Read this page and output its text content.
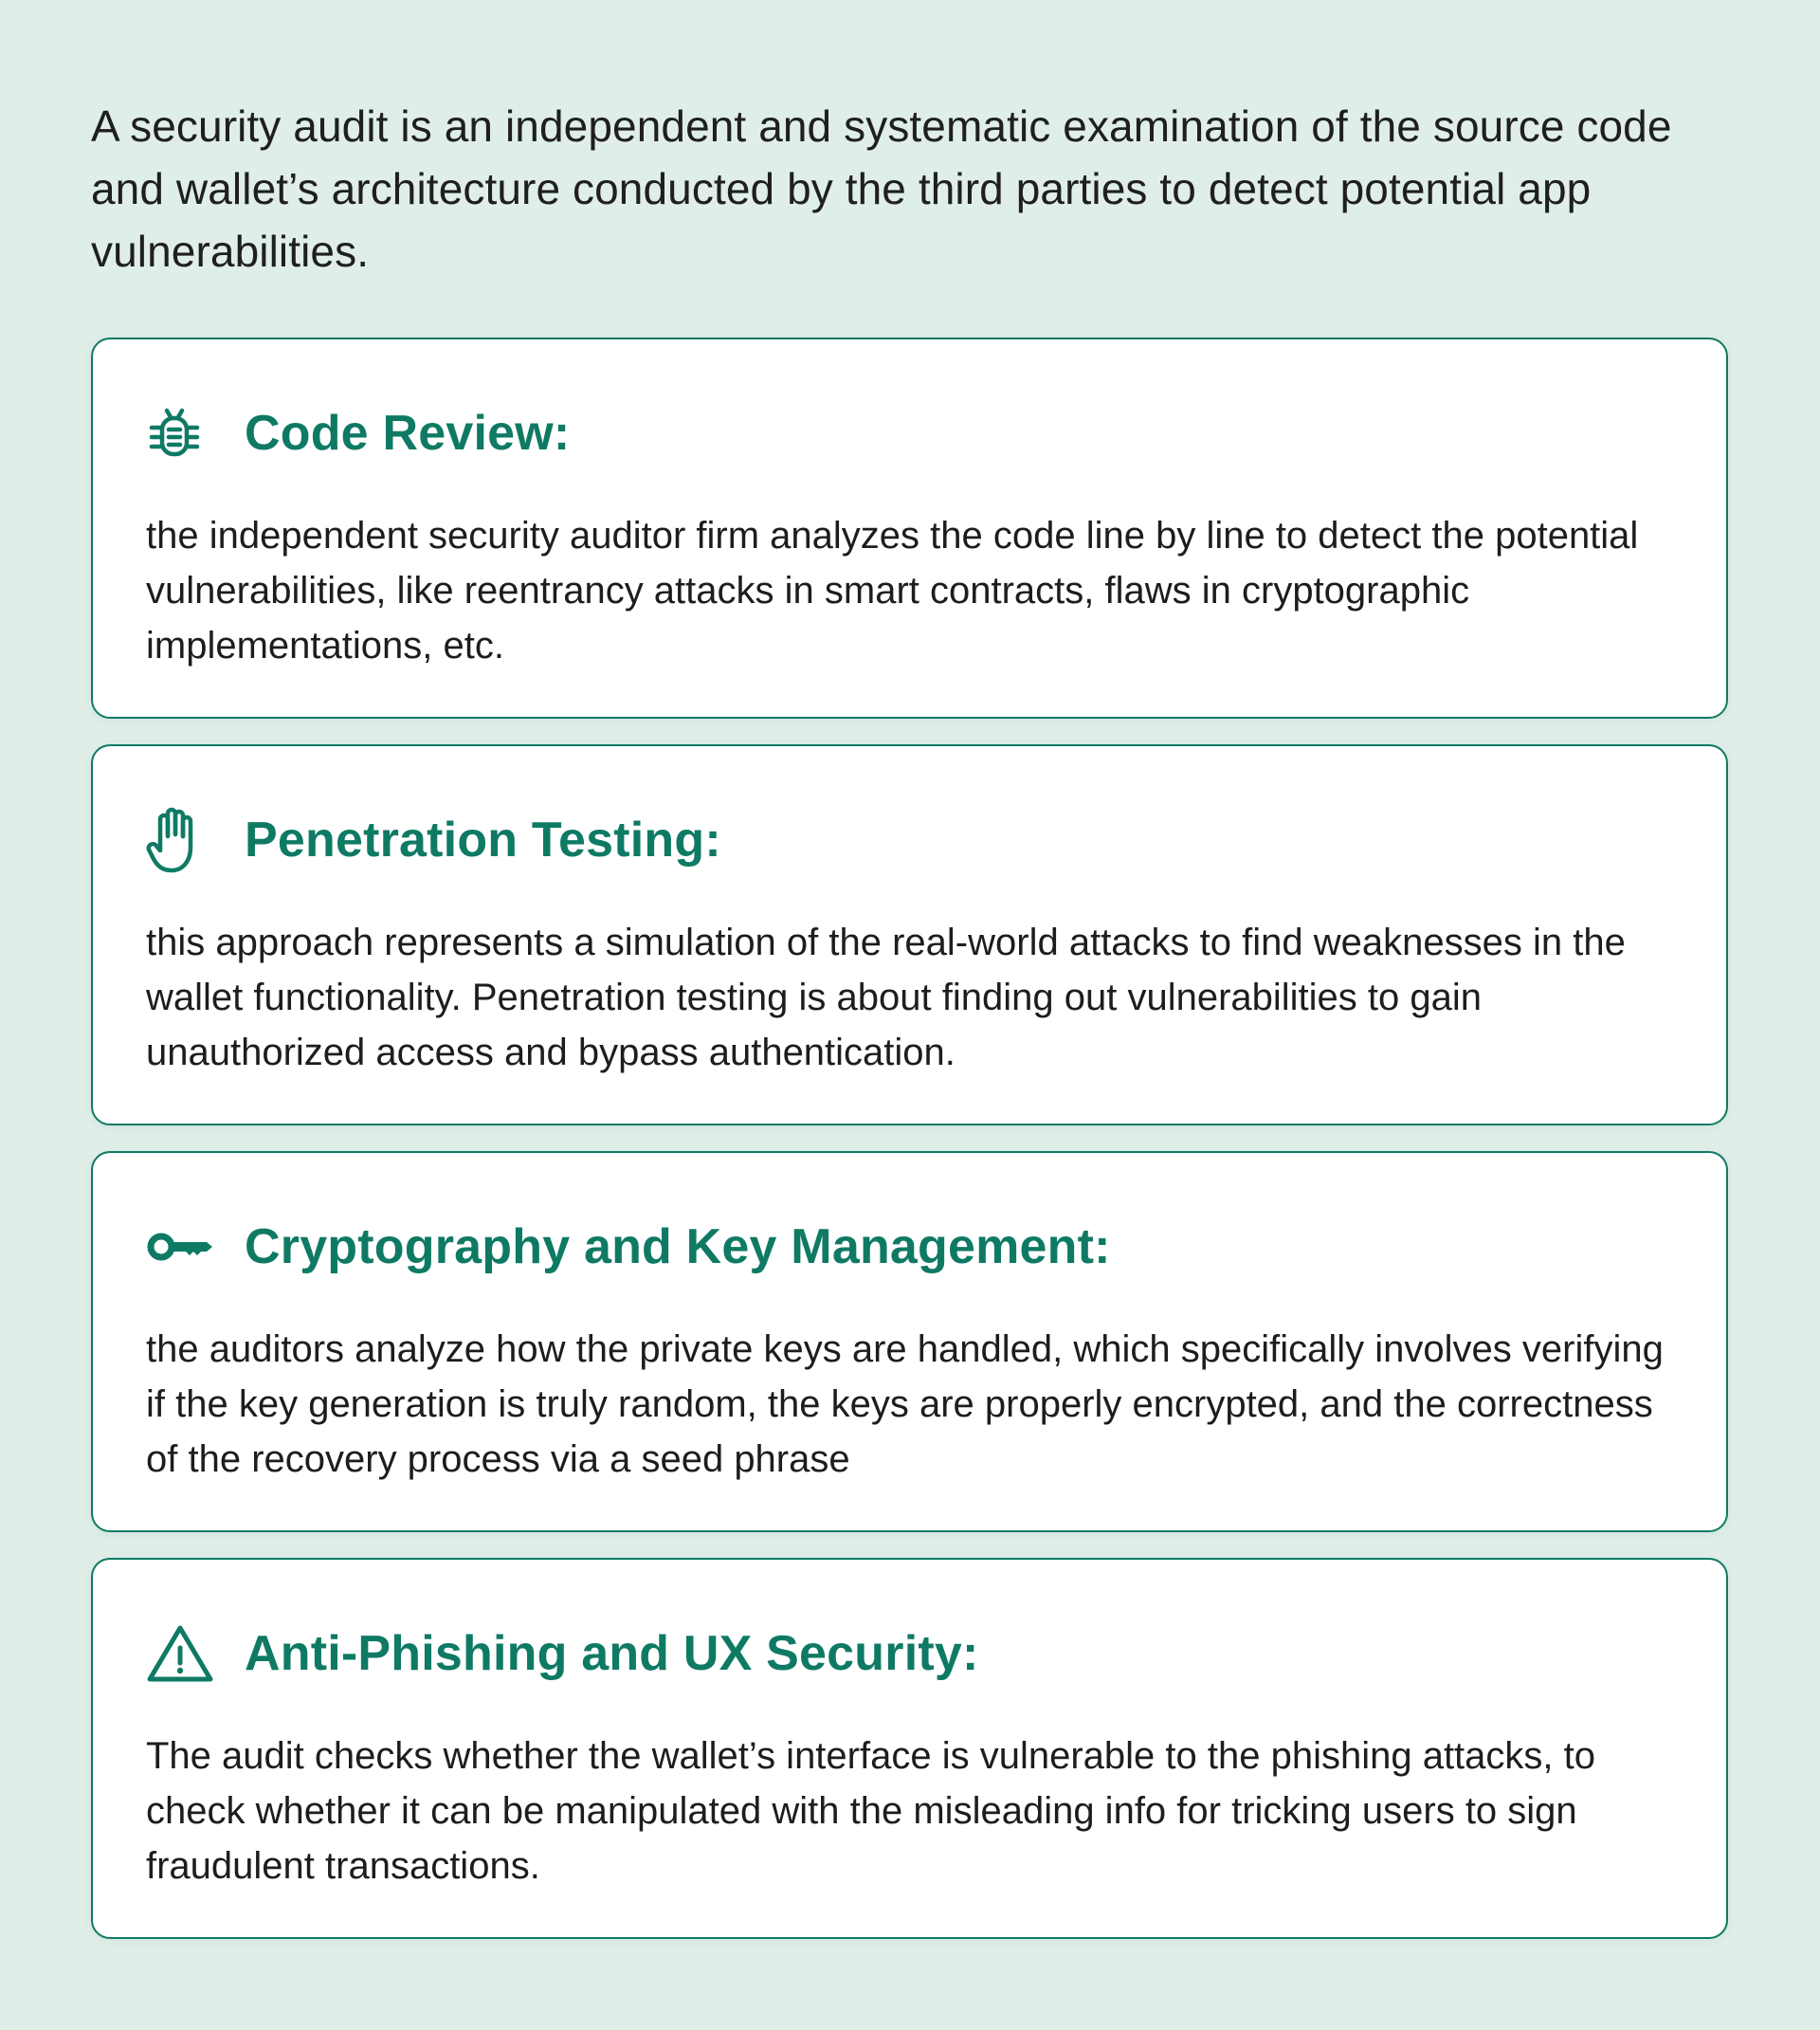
A security audit is an independent and systematic examination of the source code and wallet’s architecture conducted by the third parties to detect potential app vulnerabilities.

Code Review:

the independent security auditor firm analyzes the code line by line to detect the potential vulnerabilities, like reentrancy attacks in smart contracts, flaws in cryptographic implementations, etc.

Penetration Testing:

this approach represents a simulation of the real-world attacks to find weaknesses in the wallet functionality. Penetration testing is about finding out vulnerabilities to gain unauthorized access and bypass authentication.

Cryptography and Key Management:

the auditors analyze how the private keys are handled, which specifically involves verifying if the key generation is truly random, the keys are properly encrypted, and the correctness of the recovery process via a seed phrase

Anti-Phishing and UX Security:

The audit checks whether the wallet’s interface is vulnerable to the phishing attacks, to check whether it can be manipulated with the misleading info for tricking users to sign fraudulent transactions.
